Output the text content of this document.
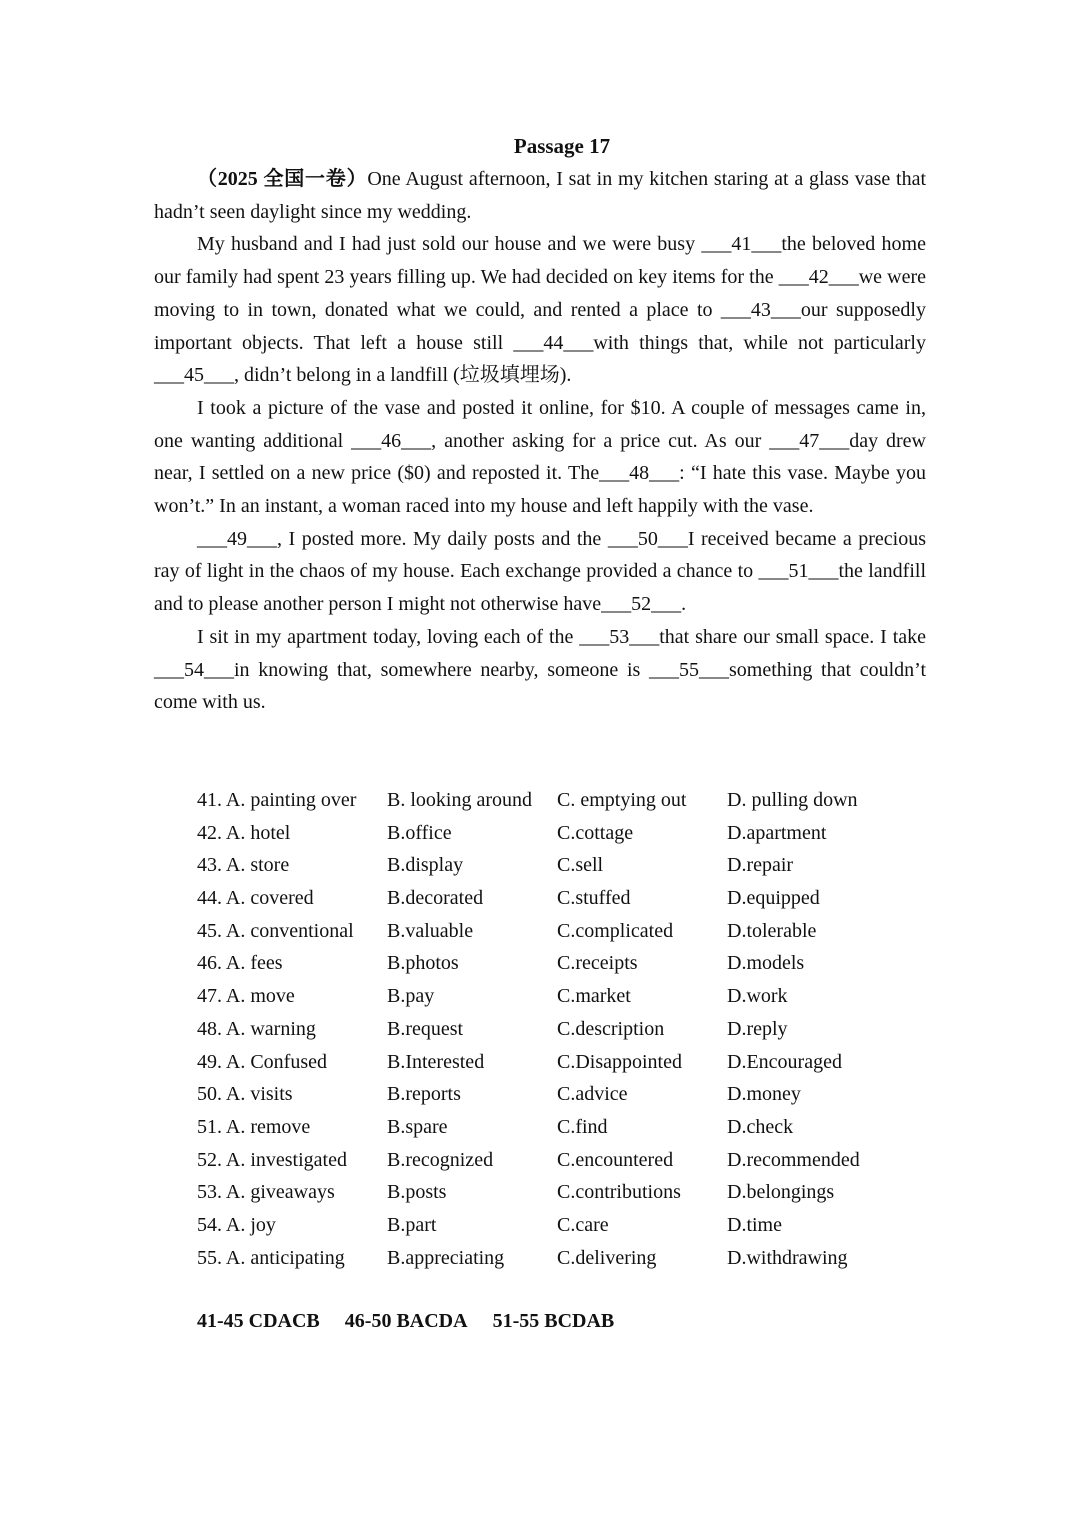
Passage 17

（2025 全国一卷）One August afternoon, I sat in my kitchen staring at a glass vase that hadn’t seen daylight since my wedding.

My husband and I had just sold our house and we were busy ___41___the beloved home our family had spent 23 years filling up. We had decided on key items for the ___42___we were moving to in town, donated what we could, and rented a place to ___43___our supposedly important objects. That left a house still ___44___with things that, while not particularly ___45___, didn’t belong in a landfill (垃圾填埋场).

I took a picture of the vase and posted it online, for $10. A couple of messages came in, one wanting additional ___46___, another asking for a price cut. As our ___47___day drew near, I settled on a new price ($0) and reposted it. The___48___: “I hate this vase. Maybe you won’t.” In an instant, a woman raced into my house and left happily with the vase.

___49___, I posted more. My daily posts and the ___50___I received became a precious ray of light in the chaos of my house. Each exchange provided a chance to ___51___the landfill and to please another person I might not otherwise have___52___.

I sit in my apartment today, loving each of the ___53___that share our small space. I take ___54___in knowing that, somewhere nearby, someone is ___55___something that couldn’t come with us.

41. A. painting over B. looking around C. emptying out D. pulling down
42. A. hotel	B.office	C.cottage	D.apartment
43. A. store	B.display	C.sell	D.repair
44. A. covered	B.decorated	C.stuffed	D.equipped
45. A. conventional B.valuable	C.complicated	D.tolerable
46. A. fees	B.photos	C.receipts	D.models
47. A. move	B.pay	C.market	D.work
48. A. warning	B.request	C.description	D.reply
49. A. Confused	B.Interested	C.Disappointed D.Encouraged
50. A. visits	B.reports	C.advice	D.money
51. A. remove	B.spare	C.find	D.check
52. A. investigated B.recognized	C.encountered	D.recommended
53. A. giveaways	B.posts	C.contributions D.belongings
54. A. joy	B.part	C.care	D.time
55. A. anticipating B.appreciating	C.delivering	D.withdrawing
41-45 CDACB 46-50 BACDA 51-55 BCDAB
